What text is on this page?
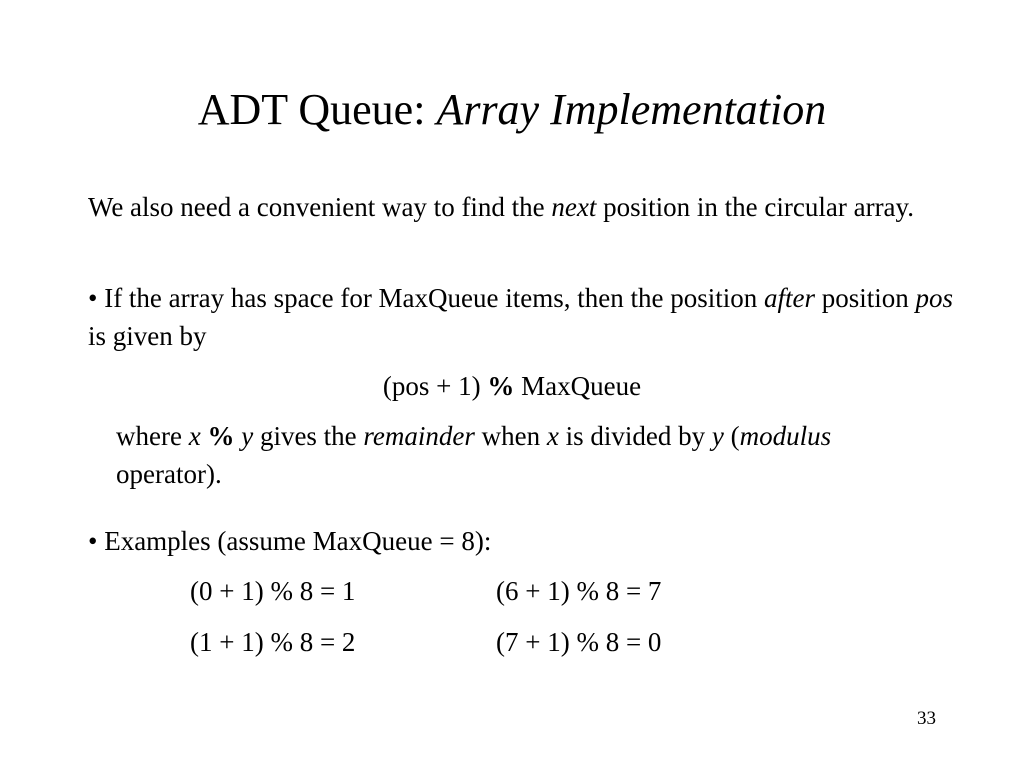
ADT Queue: Array Implementation
We also need a convenient way to find the next position in the circular array.
• If the array has space for MaxQueue items, then the position after position pos is given by
(pos + 1) % MaxQueue
where x % y gives the remainder when x is divided by y (modulus operator).
• Examples (assume MaxQueue = 8):
(0 + 1) % 8 = 1	(6 + 1) % 8 = 7
(1 + 1) % 8 = 2	(7 + 1) % 8 = 0
33
